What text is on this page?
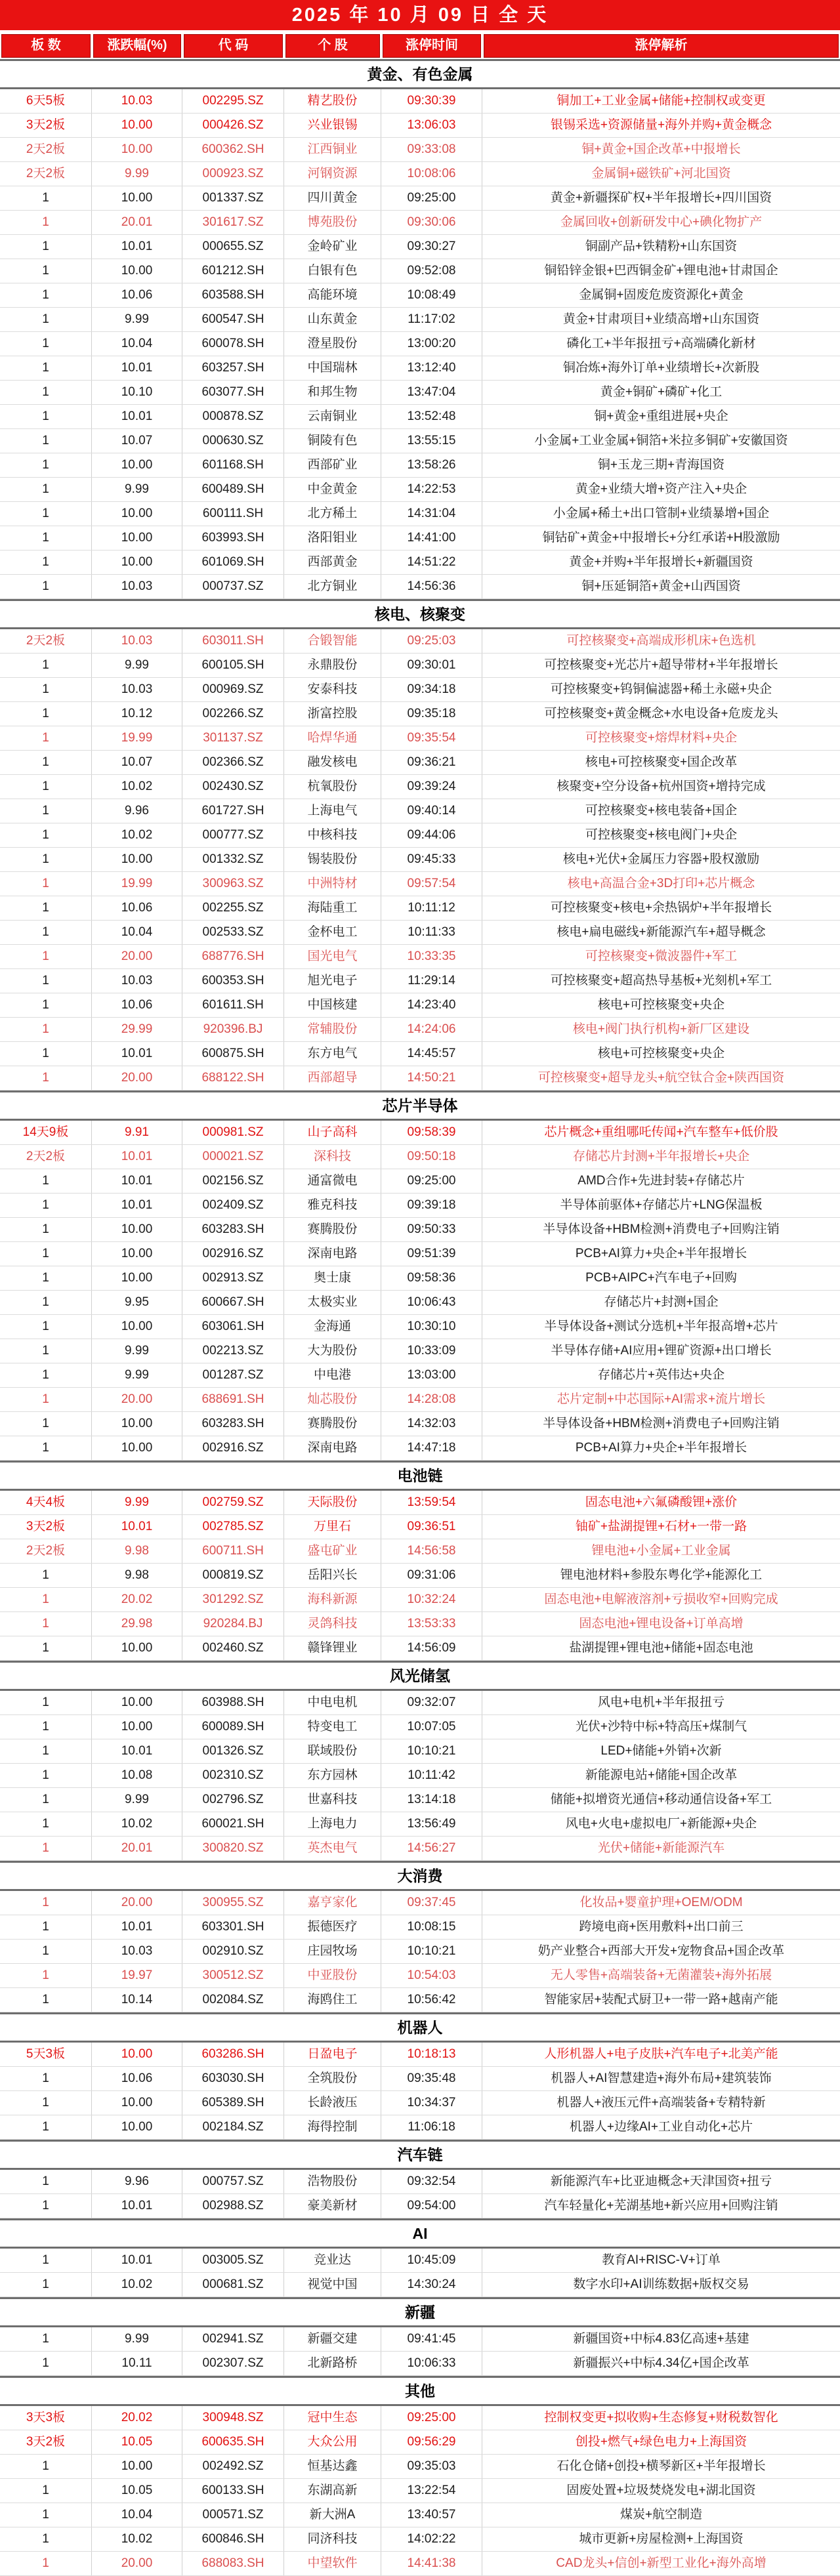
2025 年 10 月 09 日 全 天
板 数	涨跌幅(%)	代 码	个 股	涨停时间	涨停解析
黄金、有色金属
6天5板	10.03	002295.SZ	精艺股份	09:30:39	铜加工+工业金属+储能+控制权或变更
3天2板	10.00	000426.SZ	兴业银锡	13:06:03	银锡采选+资源储量+海外并购+黄金概念
2天2板	10.00	600362.SH	江西铜业	09:33:08	铜+黄金+国企改革+中报增长
2天2板	9.99	000923.SZ	河钢资源	10:08:06	金属铜+磁铁矿+河北国资
1	10.00	001337.SZ	四川黄金	09:25:00	黄金+新疆探矿权+半年报增长+四川国资
1	20.01	301617.SZ	博苑股份	09:30:06	金属回收+创新研发中心+碘化物扩产
1	10.01	000655.SZ	金岭矿业	09:30:27	铜副产品+铁精粉+山东国资
1	10.00	601212.SH	白银有色	09:52:08	铜铅锌金银+巴西铜金矿+锂电池+甘肃国企
1	10.06	603588.SH	高能环境	10:08:49	金属铜+固废危废资源化+黄金
1	9.99	600547.SH	山东黄金	11:17:02	黄金+甘肃项目+业绩高增+山东国资
1	10.04	600078.SH	澄星股份	13:00:20	磷化工+半年报扭亏+高端磷化新材
1	10.01	603257.SH	中国瑞林	13:12:40	铜冶炼+海外订单+业绩增长+次新股
1	10.10	603077.SH	和邦生物	13:47:04	黄金+铜矿+磷矿+化工
1	10.01	000878.SZ	云南铜业	13:52:48	铜+黄金+重组进展+央企
1	10.07	000630.SZ	铜陵有色	13:55:15	小金属+工业金属+铜箔+米拉多铜矿+安徽国资
1	10.00	601168.SH	西部矿业	13:58:26	铜+玉龙三期+青海国资
1	9.99	600489.SH	中金黄金	14:22:53	黄金+业绩大增+资产注入+央企
1	10.00	600111.SH	北方稀土	14:31:04	小金属+稀土+出口管制+业绩暴增+国企
1	10.00	603993.SH	洛阳钼业	14:41:00	铜钴矿+黄金+中报增长+分红承诺+H股激励
1	10.00	601069.SH	西部黄金	14:51:22	黄金+并购+半年报增长+新疆国资
1	10.03	000737.SZ	北方铜业	14:56:36	铜+压延铜箔+黄金+山西国资
核电、核聚变
2天2板	10.03	603011.SH	合锻智能	09:25:03	可控核聚变+高端成形机床+色选机
1	9.99	600105.SH	永鼎股份	09:30:01	可控核聚变+光芯片+超导带材+半年报增长
1	10.03	000969.SZ	安泰科技	09:34:18	可控核聚变+钨铜偏滤器+稀土永磁+央企
1	10.12	002266.SZ	浙富控股	09:35:18	可控核聚变+黄金概念+水电设备+危废龙头
1	19.99	301137.SZ	哈焊华通	09:35:54	可控核聚变+熔焊材料+央企
1	10.07	002366.SZ	融发核电	09:36:21	核电+可控核聚变+国企改革
1	10.02	002430.SZ	杭氧股份	09:39:24	核聚变+空分设备+杭州国资+增持完成
1	9.96	601727.SH	上海电气	09:40:14	可控核聚变+核电装备+国企
1	10.02	000777.SZ	中核科技	09:44:06	可控核聚变+核电阀门+央企
1	10.00	001332.SZ	锡装股份	09:45:33	核电+光伏+金属压力容器+股权激励
1	19.99	300963.SZ	中洲特材	09:57:54	核电+高温合金+3D打印+芯片概念
1	10.06	002255.SZ	海陆重工	10:11:12	可控核聚变+核电+余热锅炉+半年报增长
1	10.04	002533.SZ	金杯电工	10:11:33	核电+扁电磁线+新能源汽车+超导概念
1	20.00	688776.SH	国光电气	10:33:35	可控核聚变+微波器件+军工
1	10.03	600353.SH	旭光电子	11:29:14	可控核聚变+超高热导基板+光刻机+军工
1	10.06	601611.SH	中国核建	14:23:40	核电+可控核聚变+央企
1	29.99	920396.BJ	常辅股份	14:24:06	核电+阀门执行机构+新厂区建设
1	10.01	600875.SH	东方电气	14:45:57	核电+可控核聚变+央企
1	20.00	688122.SH	西部超导	14:50:21	可控核聚变+超导龙头+航空钛合金+陕西国资
芯片半导体
14天9板	9.91	000981.SZ	山子高科	09:58:39	芯片概念+重组哪吒传闻+汽车整车+低价股
2天2板	10.01	000021.SZ	深科技	09:50:18	存储芯片封测+半年报增长+央企
1	10.01	002156.SZ	通富微电	09:25:00	AMD合作+先进封装+存储芯片
1	10.01	002409.SZ	雅克科技	09:39:18	半导体前驱体+存储芯片+LNG保温板
1	10.00	603283.SH	赛腾股份	09:50:33	半导体设备+HBM检测+消费电子+回购注销
1	10.00	002916.SZ	深南电路	09:51:39	PCB+AI算力+央企+半年报增长
1	10.00	002913.SZ	奥士康	09:58:36	PCB+AIPC+汽车电子+回购
1	9.95	600667.SH	太极实业	10:06:43	存储芯片+封测+国企
1	10.00	603061.SH	金海通	10:30:10	半导体设备+测试分选机+半年报高增+芯片
1	9.99	002213.SZ	大为股份	10:33:09	半导体存储+AI应用+锂矿资源+出口增长
1	9.99	001287.SZ	中电港	13:03:00	存储芯片+英伟达+央企
1	20.00	688691.SH	灿芯股份	14:28:08	芯片定制+中芯国际+AI需求+流片增长
1	10.00	603283.SH	赛腾股份	14:32:03	半导体设备+HBM检测+消费电子+回购注销
1	10.00	002916.SZ	深南电路	14:47:18	PCB+AI算力+央企+半年报增长
电池链
4天4板	9.99	002759.SZ	天际股份	13:59:54	固态电池+六氟磷酸锂+涨价
3天2板	10.01	002785.SZ	万里石	09:36:51	铀矿+盐湖提锂+石材+一带一路
2天2板	9.98	600711.SH	盛屯矿业	14:56:58	锂电池+小金属+工业金属
1	9.98	000819.SZ	岳阳兴长	09:31:06	锂电池材料+参股东粤化学+能源化工
1	20.02	301292.SZ	海科新源	10:32:24	固态电池+电解液溶剂+亏损收窄+回购完成
1	29.98	920284.BJ	灵鸽科技	13:53:33	固态电池+锂电设备+订单高增
1	10.00	002460.SZ	赣锋锂业	14:56:09	盐湖提锂+锂电池+储能+固态电池
风光储氢
1	10.00	603988.SH	中电电机	09:32:07	风电+电机+半年报扭亏
1	10.00	600089.SH	特变电工	10:07:05	光伏+沙特中标+特高压+煤制气
1	10.01	001326.SZ	联域股份	10:10:21	LED+储能+外销+次新
1	10.08	002310.SZ	东方园林	10:11:42	新能源电站+储能+国企改革
1	9.99	002796.SZ	世嘉科技	13:14:18	储能+拟增资光通信+移动通信设备+军工
1	10.02	600021.SH	上海电力	13:56:49	风电+火电+虚拟电厂+新能源+央企
1	20.01	300820.SZ	英杰电气	14:56:27	光伏+储能+新能源汽车
大消费
1	20.00	300955.SZ	嘉亨家化	09:37:45	化妆品+婴童护理+OEM/ODM
1	10.01	603301.SH	振德医疗	10:08:15	跨境电商+医用敷料+出口前三
1	10.03	002910.SZ	庄园牧场	10:10:21	奶产业整合+西部大开发+宠物食品+国企改革
1	19.97	300512.SZ	中亚股份	10:54:03	无人零售+高端装备+无菌灌装+海外拓展
1	10.14	002084.SZ	海鸥住工	10:56:42	智能家居+装配式厨卫+一带一路+越南产能
机器人
5天3板	10.00	603286.SH	日盈电子	10:18:13	人形机器人+电子皮肤+汽车电子+北美产能
1	10.06	603030.SH	全筑股份	09:35:48	机器人+AI智慧建造+海外布局+建筑装饰
1	10.00	605389.SH	长龄液压	10:34:37	机器人+液压元件+高端装备+专精特新
1	10.00	002184.SZ	海得控制	11:06:18	机器人+边缘AI+工业自动化+芯片
汽车链
1	9.96	000757.SZ	浩物股份	09:32:54	新能源汽车+比亚迪概念+天津国资+扭亏
1	10.01	002988.SZ	豪美新材	09:54:00	汽车轻量化+芜湖基地+新兴应用+回购注销
AI
1	10.01	003005.SZ	竞业达	10:45:09	教育AI+RISC-V+订单
1	10.02	000681.SZ	视觉中国	14:30:24	数字水印+AI训练数据+版权交易
新疆
1	9.99	002941.SZ	新疆交建	09:41:45	新疆国资+中标4.83亿高速+基建
1	10.11	002307.SZ	北新路桥	10:06:33	新疆振兴+中标4.34亿+国企改革
其他
3天3板	20.02	300948.SZ	冠中生态	09:25:00	控制权变更+拟收购+生态修复+财税数智化
3天2板	10.05	600635.SH	大众公用	09:56:29	创投+燃气+绿色电力+上海国资
1	10.00	002492.SZ	恒基达鑫	09:35:03	石化仓储+创投+横琴新区+半年报增长
1	10.05	600133.SH	东湖高新	13:22:54	固废处置+垃圾焚烧发电+湖北国资
1	10.04	000571.SZ	新大洲A	13:40:57	煤炭+航空制造
1	10.02	600846.SH	同济科技	14:02:22	城市更新+房屋检测+上海国资
1	20.00	688083.SH	中望软件	14:41:38	CAD龙头+信创+新型工业化+海外高增
